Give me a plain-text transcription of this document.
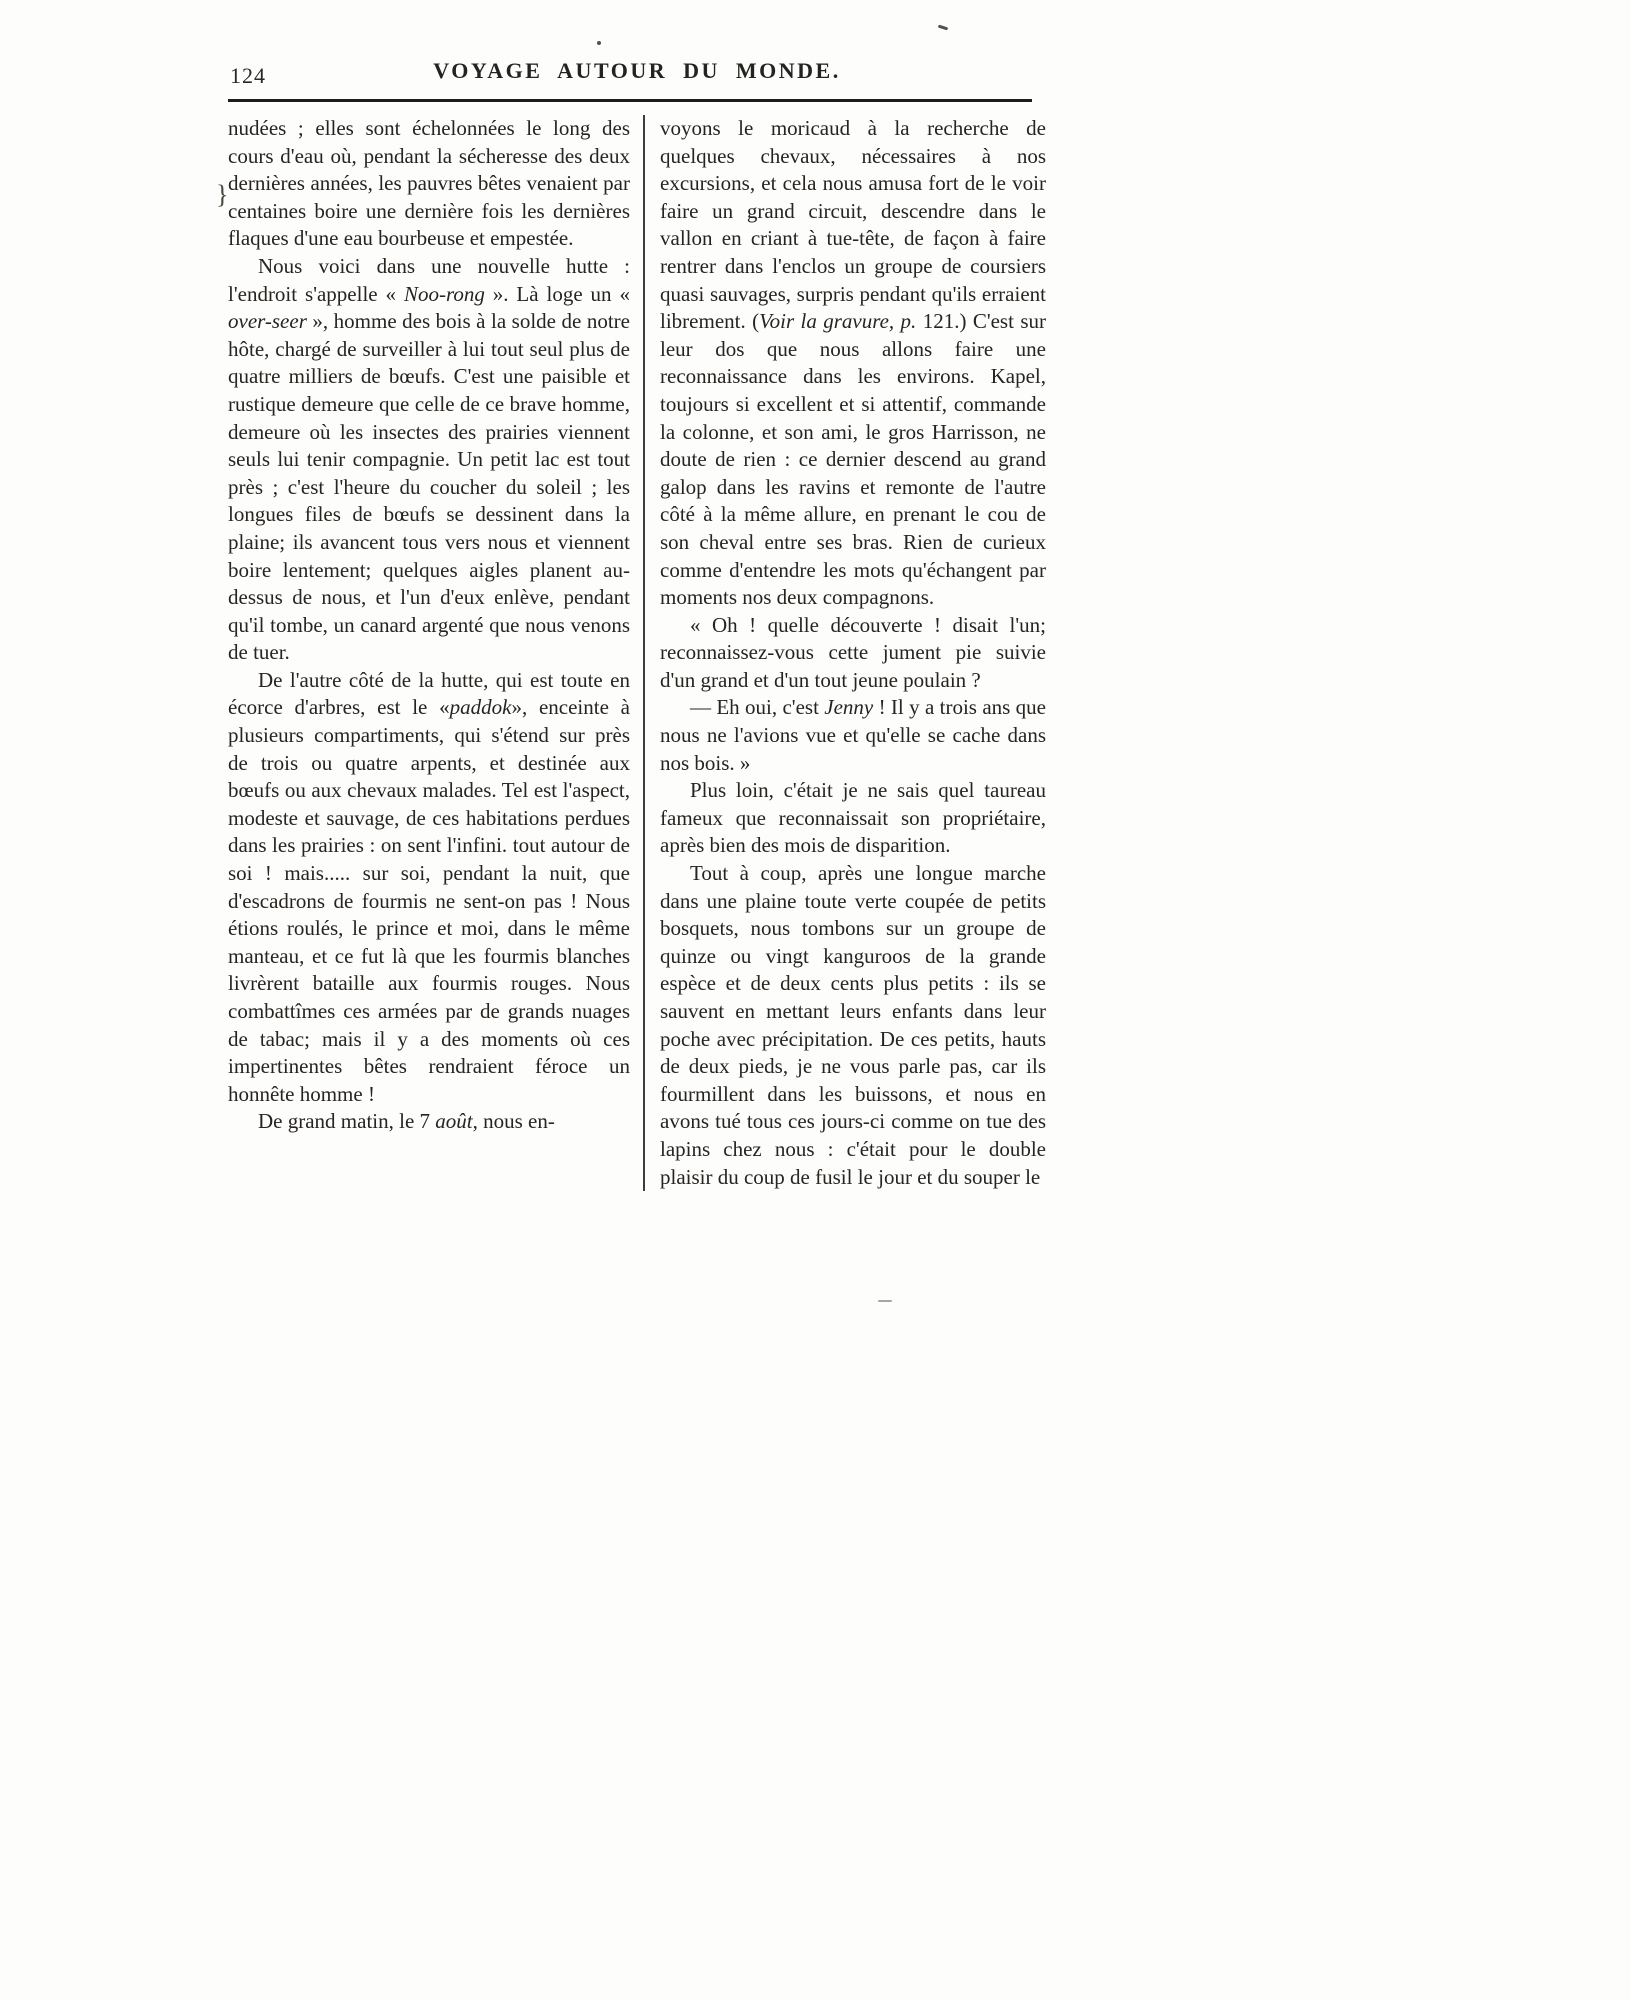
}
124	VOYAGE AUTOUR DU MONDE.

nudées ; elles sont échelonnées le long des cours d'eau où, pendant la sécheresse des deux dernières années, les pauvres bêtes venaient par centaines boire une dernière fois les dernières flaques d'une eau bourbeuse et empestée.

Nous voici dans une nouvelle hutte : l'endroit s'appelle « Noo-rong ». Là loge un « over-seer », homme des bois à la solde de notre hôte, chargé de surveiller à lui tout seul plus de quatre milliers de bœufs. C'est une paisible et rustique demeure que celle de ce brave homme, demeure où les insectes des prairies viennent seuls lui tenir compagnie. Un petit lac est tout près ; c'est l'heure du coucher du soleil ; les longues files de bœufs se dessinent dans la plaine; ils avancent tous vers nous et viennent boire lentement; quelques aigles planent au-dessus de nous, et l'un d'eux enlève, pendant qu'il tombe, un canard argenté que nous venons de tuer.

De l'autre côté de la hutte, qui est toute en écorce d'arbres, est le «paddok», enceinte à plusieurs compartiments, qui s'étend sur près de trois ou quatre arpents, et destinée aux bœufs ou aux chevaux malades. Tel est l'aspect, modeste et sauvage, de ces habitations perdues dans les prairies : on sent l'infini. tout autour de soi ! mais..... sur soi, pendant la nuit, que d'escadrons de fourmis ne sent-on pas ! Nous étions roulés, le prince et moi, dans le même manteau, et ce fut là que les fourmis blanches livrèrent bataille aux fourmis rouges. Nous combattîmes ces armées par de grands nuages de tabac; mais il y a des moments où ces impertinentes bêtes rendraient féroce un honnête homme !

De grand matin, le 7 août, nous en-

voyons le moricaud à la recherche de quelques chevaux, nécessaires à nos excursions, et cela nous amusa fort de le voir faire un grand circuit, descendre dans le vallon en criant à tue-tête, de façon à faire rentrer dans l'enclos un groupe de coursiers quasi sauvages, surpris pendant qu'ils erraient librement. (Voir la gravure, p. 121.) C'est sur leur dos que nous allons faire une reconnaissance dans les environs. Kapel, toujours si excellent et si attentif, commande la colonne, et son ami, le gros Harrisson, ne doute de rien : ce dernier descend au grand galop dans les ravins et remonte de l'autre côté à la même allure, en prenant le cou de son cheval entre ses bras. Rien de curieux comme d'entendre les mots qu'échangent par moments nos deux compagnons.

« Oh ! quelle découverte ! disait l'un; reconnaissez-vous cette jument pie suivie d'un grand et d'un tout jeune poulain ?

— Eh oui, c'est Jenny ! Il y a trois ans que nous ne l'avions vue et qu'elle se cache dans nos bois. »

Plus loin, c'était je ne sais quel taureau fameux que reconnaissait son propriétaire, après bien des mois de disparition.

Tout à coup, après une longue marche dans une plaine toute verte coupée de petits bosquets, nous tombons sur un groupe de quinze ou vingt kanguroos de la grande espèce et de deux cents plus petits : ils se sauvent en mettant leurs enfants dans leur poche avec précipitation. De ces petits, hauts de deux pieds, je ne vous parle pas, car ils fourmillent dans les buissons, et nous en avons tué tous ces jours-ci comme on tue des lapins chez nous : c'était pour le double plaisir du coup de fusil le jour et du souper le
